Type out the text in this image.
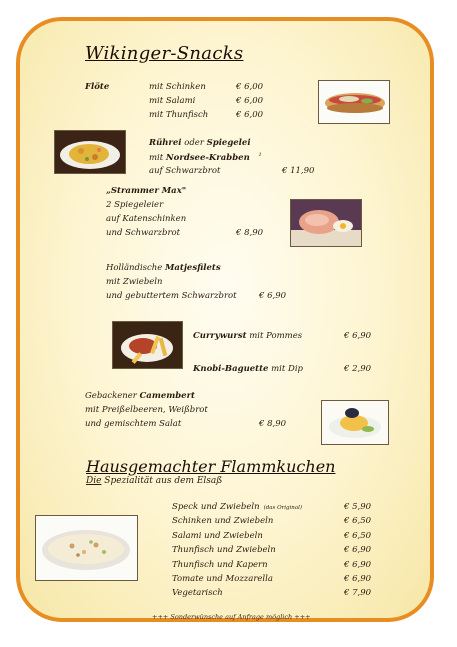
Wikinger-Snacks
Flöte	mit Schinken	€ 6,00
mit Salami	€ 6,00
mit Thunfisch	€ 6,00
Rührei oder Spiegelei
mit Nordsee-Krabben $^1$
auf Schwarzbrot	€ 11,90
„Strammer Max"
2 Spiegeleier
auf Katenschinken
und Schwarzbrot	€ 8,90
Holländische Matjesfilets
mit Zwiebeln
und gebuttertem Schwarzbrot	€ 6,90
Currywurst mit Pommes	€ 6,90
Knobi-Baguette mit Dip	€ 2,90
Gebackener Camembert
mit Preißelbeeren, Weißbrot
und gemischtem Salat	€ 8,90
Hausgemachter Flammkuchen
Die Spezialität aus dem Elsaß
Speck und Zwiebeln (das Original)	€ 5,90
Schinken und Zwiebeln	€ 6,50
Salami und Zwiebeln	€ 6,50
Thunfisch und Zwiebeln	€ 6,90
Thunfisch und Kapern	€ 6,90
Tomate und Mozzarella	€ 6,90
Vegetarisch	€ 7,90
+++ Sonderwünsche auf Anfrage möglich +++
